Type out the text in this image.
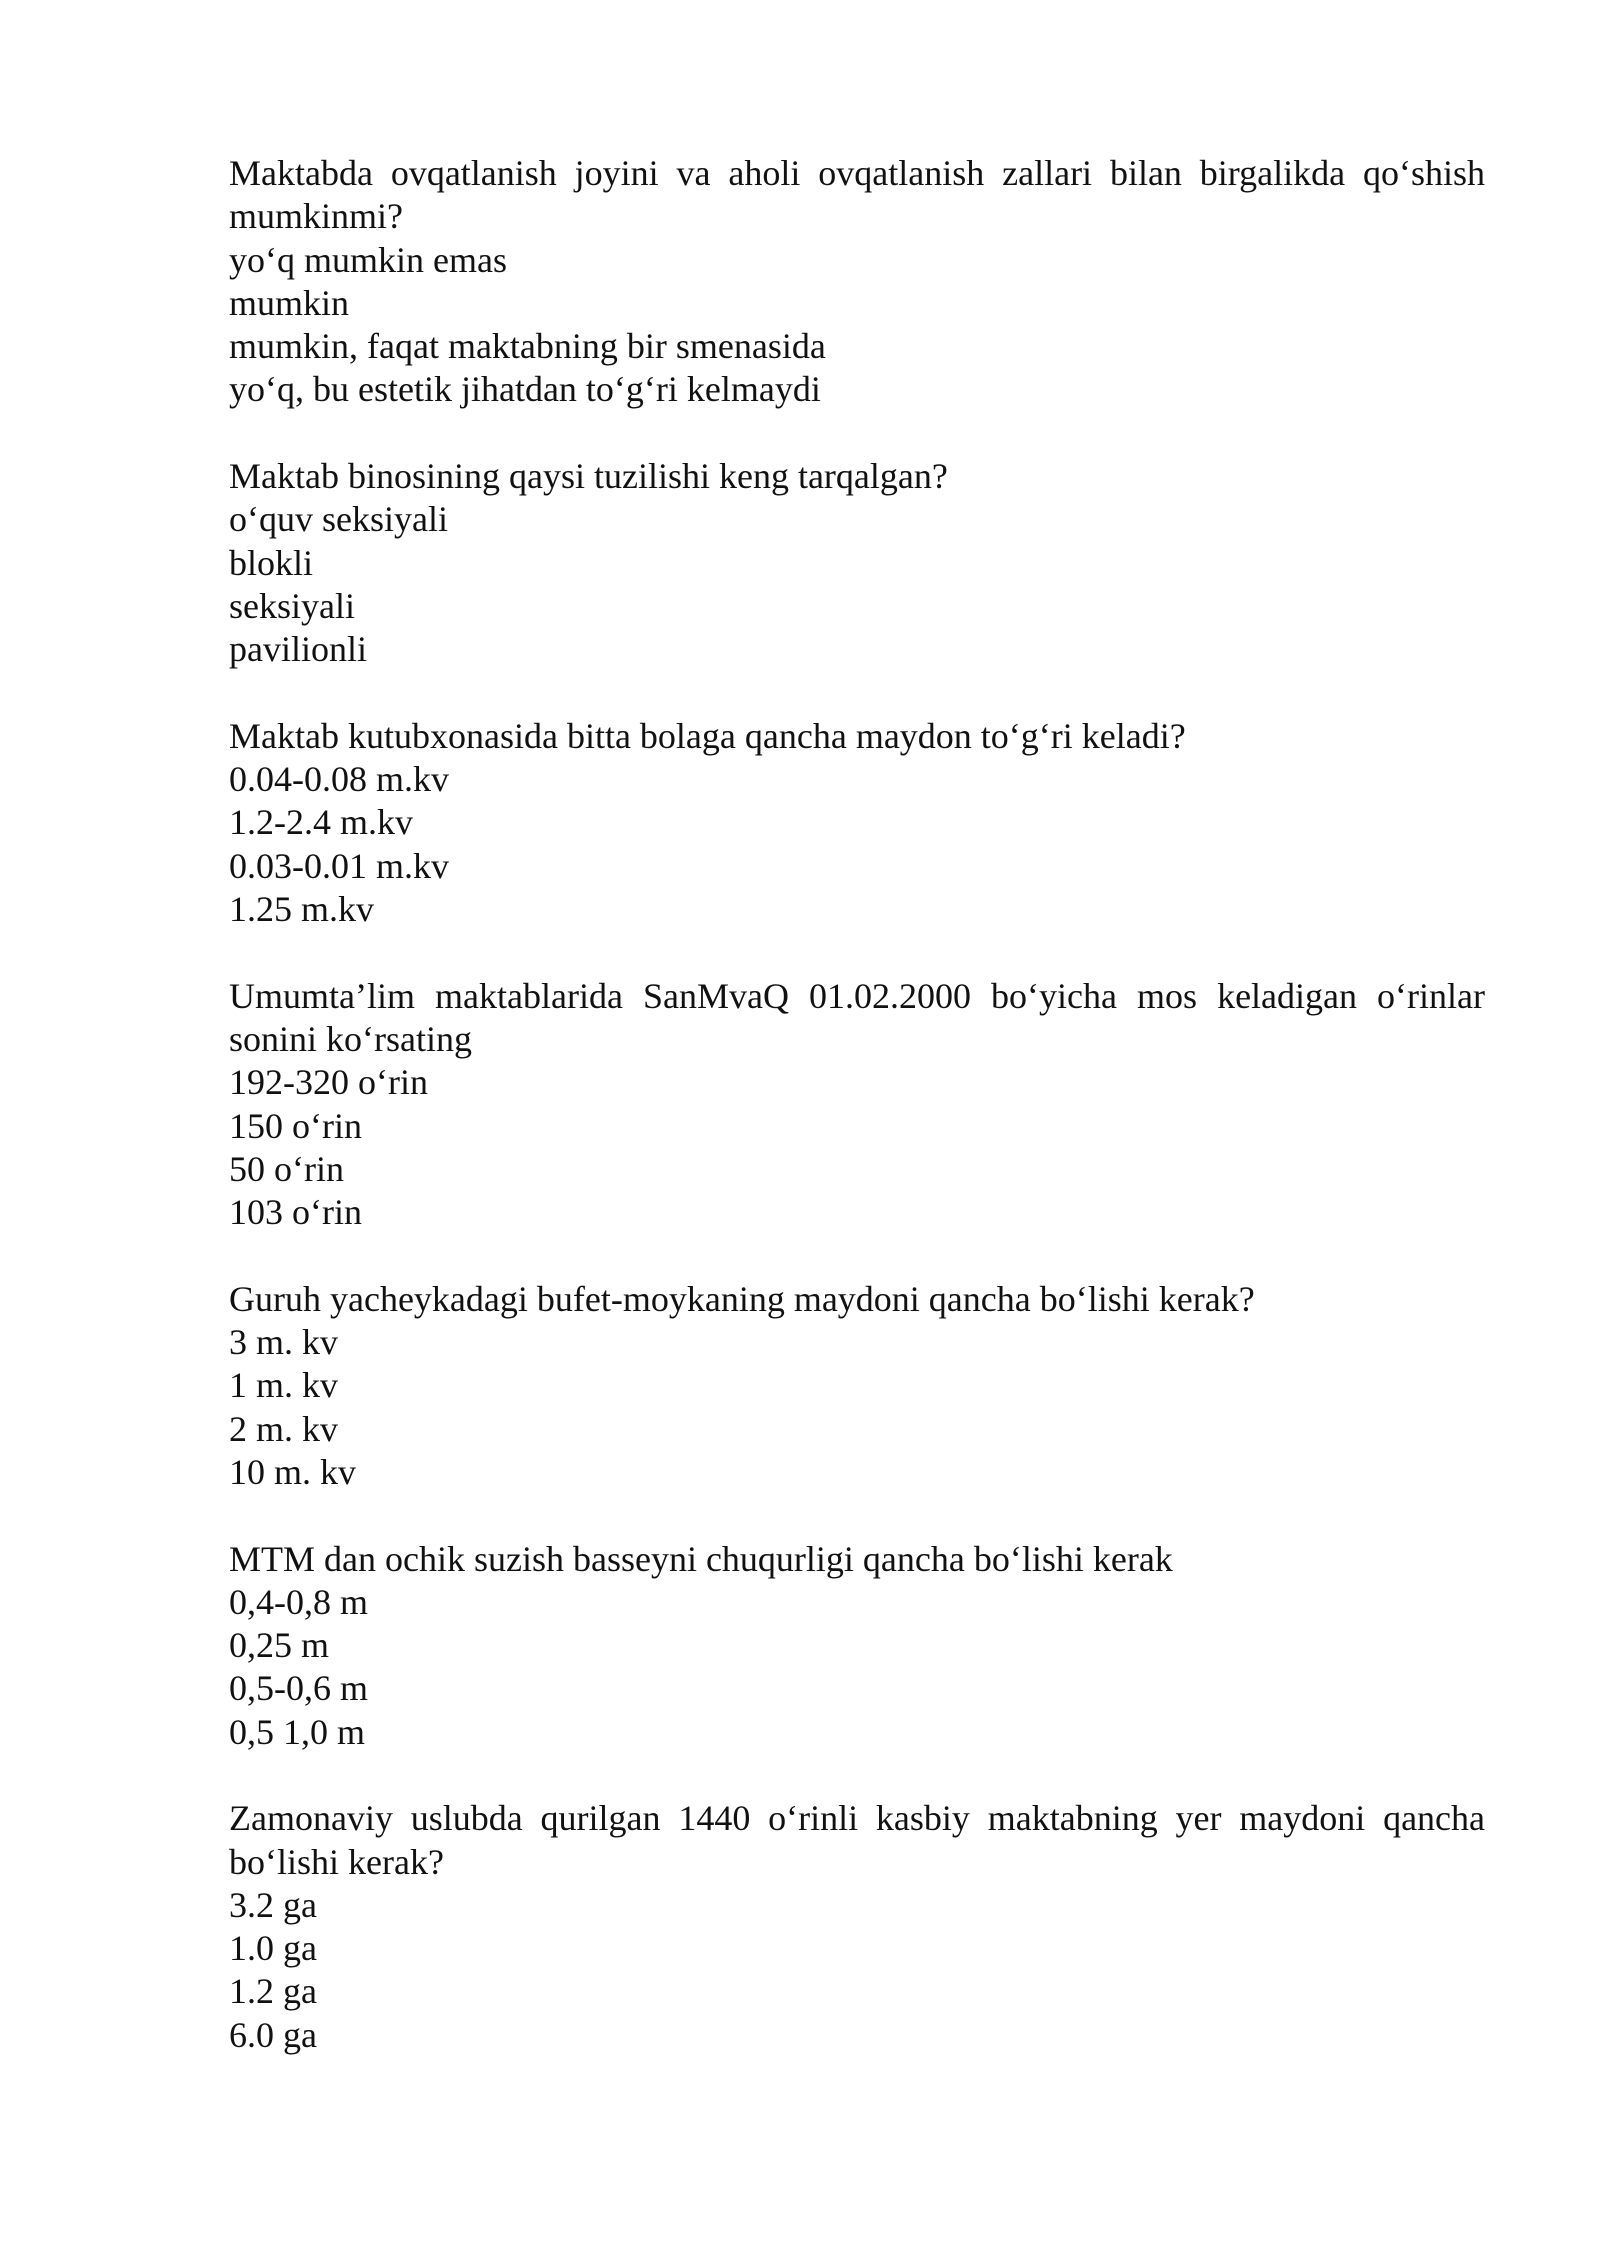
Maktabda ovqatlanish joyini va aholi ovqatlanish zallari bilan birgalikda qo‘shish mumkinmi?

yo‘q mumkin emas
mumkin
mumkin, faqat maktabning bir smenasida
yo‘q, bu estetik jihatdan to‘g‘ri kelmaydi

Maktab binosining qaysi tuzilishi keng tarqalgan?

o‘quv seksiyali
blokli
seksiyali
pavilionli

Maktab kutubxonasida bitta bolaga qancha maydon to‘g‘ri keladi?

0.04-0.08 m.kv
1.2-2.4 m.kv
0.03-0.01 m.kv
1.25 m.kv

Umumta’lim maktablarida SanMvaQ 01.02.2000 bo‘yicha mos keladigan o‘rinlar sonini ko‘rsating

192-320 o‘rin
150 o‘rin
50 o‘rin
103 o‘rin

Guruh yacheykadagi bufet-moykaning maydoni qancha bo‘lishi kerak?

3 m. kv
1 m. kv
2 m. kv
10 m. kv

MTM dan ochik suzish basseyni chuqurligi qancha bo‘lishi kerak

0,4-0,8 m
0,25 m
0,5-0,6 m
0,5 1,0 m

Zamonaviy uslubda qurilgan 1440 o‘rinli kasbiy maktabning yer maydoni qancha bo‘lishi kerak?

3.2 ga
1.0 ga
1.2 ga
6.0 ga
